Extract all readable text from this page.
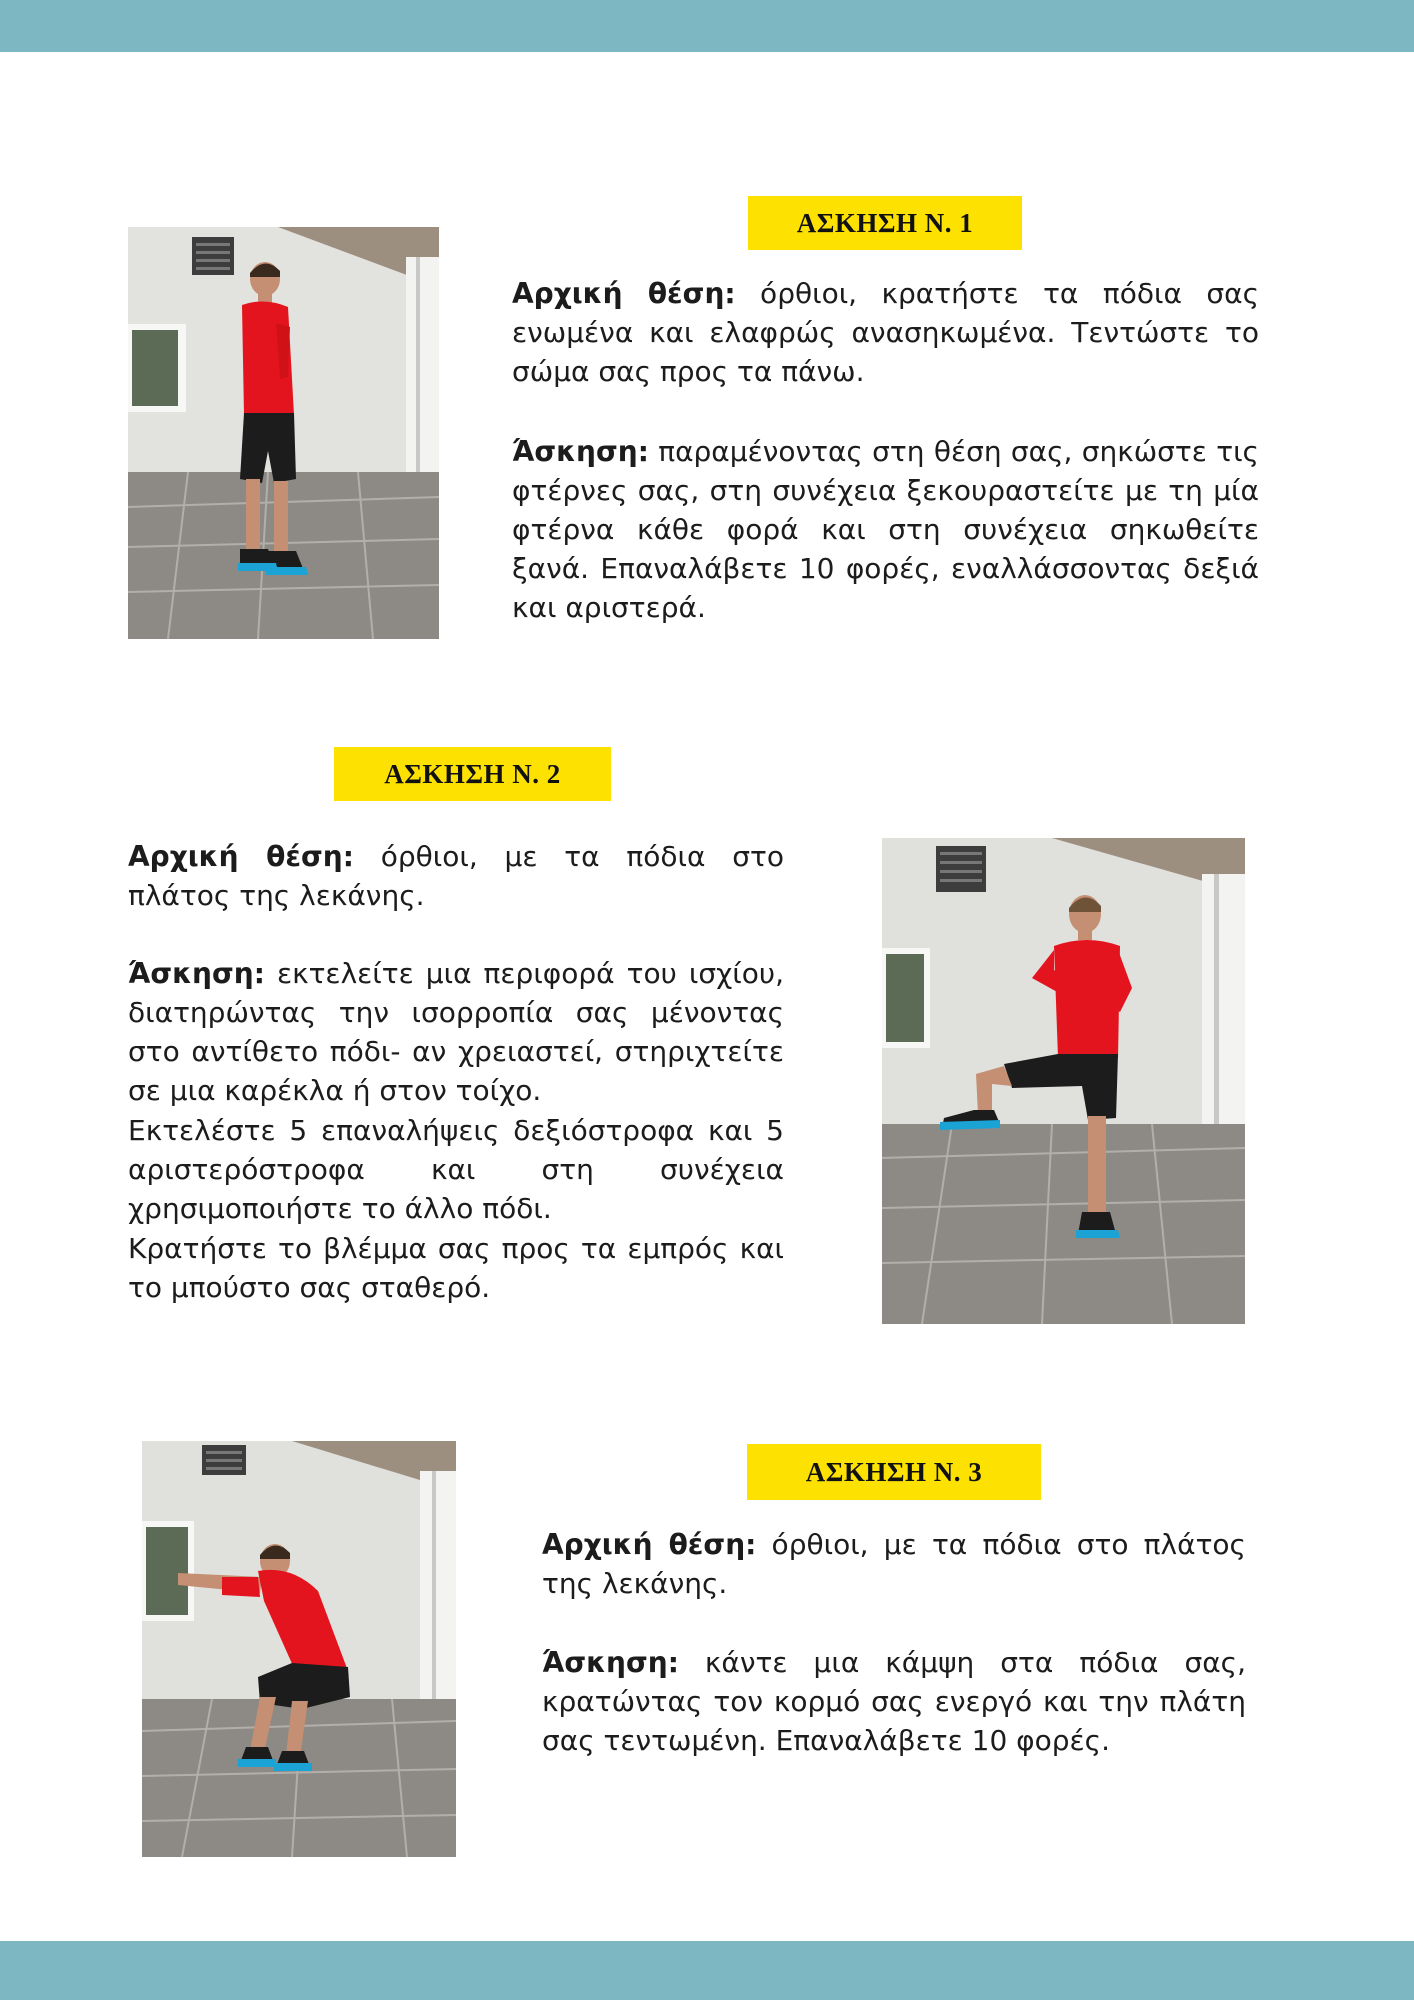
ΑΣΚΗΣΗ Ν. 1

Αρχική θέση: όρθιοι, κρατήστε τα πόδια σας ενωμένα και ελαφρώς ανασηκωμένα. Τεντώστε το σώμα σας προς τα πάνω.

Άσκηση: παραμένοντας στη θέση σας, σηκώστε τις φτέρνες σας, στη συνέχεια ξεκουραστείτε με τη μία φτέρνα κάθε φορά και στη συνέχεια σηκωθείτε ξανά. Επαναλάβετε 10 φορές, εναλλάσσοντας δεξιά και αριστερά.

ΑΣΚΗΣΗ Ν. 2

Αρχική θέση: όρθιοι, με τα πόδια στο πλάτος της λεκάνης.

Άσκηση: εκτελείτε μια περιφορά του ισχίου, διατηρώντας την ισορροπία σας μένοντας στο αντίθετο πόδι- αν χρειαστεί, στηριχτείτε σε μια καρέκλα ή στον τοίχο.

Εκτελέστε 5 επαναλήψεις δεξιόστροφα και 5 αριστερόστροφα και στη συνέχεια χρησιμοποιήστε το άλλο πόδι.

Κρατήστε το βλέμμα σας προς τα εμπρός και το μπούστο σας σταθερό.

ΑΣΚΗΣΗ Ν. 3

Αρχική θέση: όρθιοι, με τα πόδια στο πλάτος της λεκάνης.

Άσκηση: κάντε μια κάμψη στα πόδια σας, κρατώντας τον κορμό σας ενεργό και την πλάτη σας τεντωμένη. Επαναλάβετε 10 φορές.
